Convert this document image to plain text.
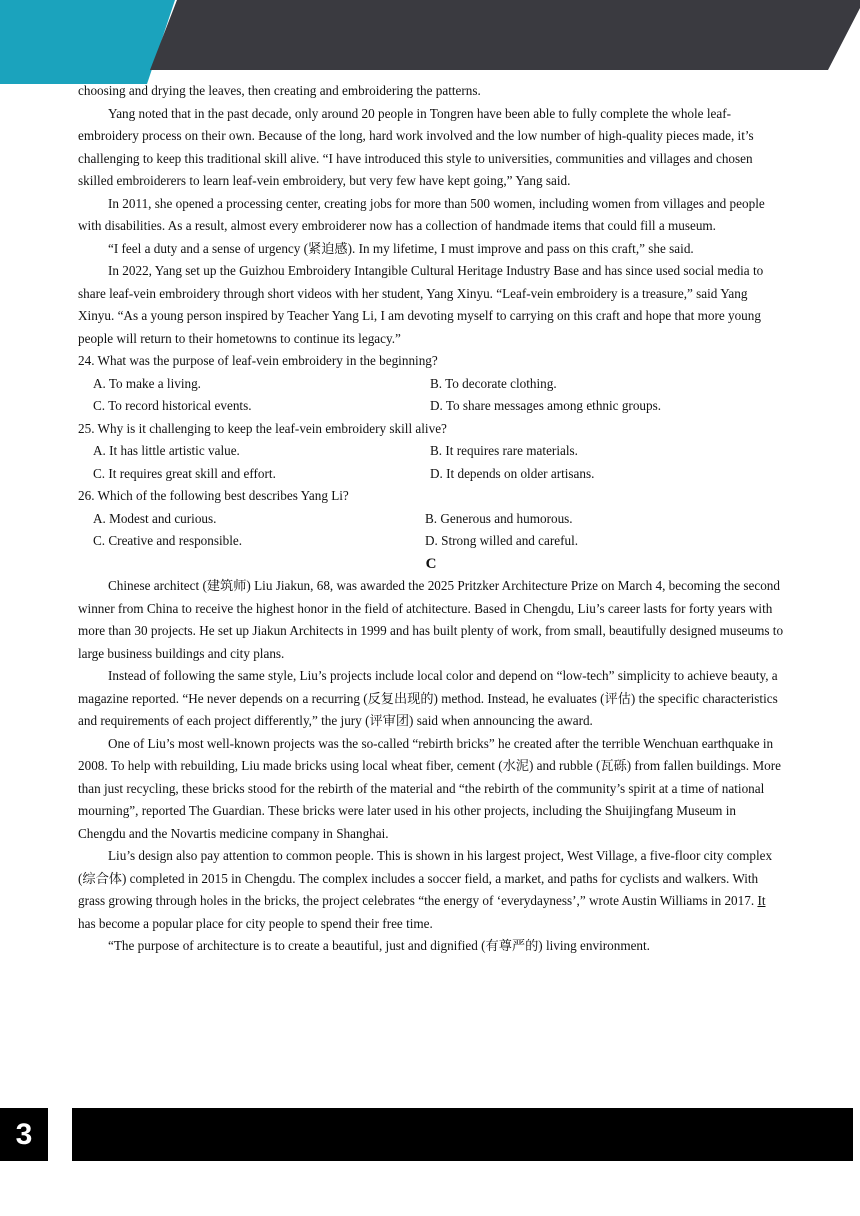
choosing and drying the leaves, then creating and embroidering the patterns.

Yang noted that in the past decade, only around 20 people in Tongren have been able to fully complete the whole leaf-embroidery process on their own. Because of the long, hard work involved and the low number of high-quality pieces made, it’s challenging to keep this traditional skill alive. “I have introduced this style to universities, communities and villages and chosen skilled embroiderers to learn leaf-vein embroidery, but very few have kept going,” Yang said.

In 2011, she opened a processing center, creating jobs for more than 500 women, including women from villages and people with disabilities. As a result, almost every embroiderer now has a collection of handmade items that could fill a museum.

“I feel a duty and a sense of urgency (紧迫感). In my lifetime, I must improve and pass on this craft,” she said.

In 2022, Yang set up the Guizhou Embroidery Intangible Cultural Heritage Industry Base and has since used social media to share leaf-vein embroidery through short videos with her student, Yang Xinyu. “Leaf-vein embroidery is a treasure,” said Yang Xinyu. “As a young person inspired by Teacher Yang Li, I am devoting myself to carrying on this craft and hope that more young people will return to their hometowns to continue its legacy.”

24. What was the purpose of leaf-vein embroidery in the beginning?

A. To make a living.	B. To decorate clothing.
C. To record historical events.	D. To share messages among ethnic groups.

25. Why is it challenging to keep the leaf-vein embroidery skill alive?

A. It has little artistic value.	B. It requires rare materials.
C. It requires great skill and effort.	D. It depends on older artisans.

26. Which of the following best describes Yang Li?

A. Modest and curious.	B. Generous and humorous.
C. Creative and responsible.	D. Strong willed and careful.

C

Chinese architect (建筑师) Liu Jiakun, 68, was awarded the 2025 Pritzker Architecture Prize on March 4, becoming the second winner from China to receive the highest honor in the field of atchitecture. Based in Chengdu, Liu’s career lasts for forty years with more than 30 projects. He set up Jiakun Architects in 1999 and has built plenty of work, from small, beautifully designed museums to large business buildings and city plans.

Instead of following the same style, Liu’s projects include local color and depend on “low-tech” simplicity to achieve beauty, a magazine reported. “He never depends on a recurring (反复出现的) method. Instead, he evaluates (评估) the specific characteristics and requirements of each project differently,” the jury (评审团) said when announcing the award.

One of Liu’s most well-known projects was the so-called “rebirth bricks” he created after the terrible Wenchuan earthquake in 2008. To help with rebuilding, Liu made bricks using local wheat fiber, cement (水泥) and rubble (瓦砾) from fallen buildings. More than just recycling, these bricks stood for the rebirth of the material and “the rebirth of the community’s spirit at a time of national mourning”, reported The Guardian. These bricks were later used in his other projects, including the Shuijingfang Museum in Chengdu and the Novartis medicine company in Shanghai.

Liu’s design also pay attention to common people. This is shown in his largest project, West Village, a five-floor city complex (综合体) completed in 2015 in Chengdu. The complex includes a soccer field, a market, and paths for cyclists and walkers. With grass growing through holes in the bricks, the project celebrates “the energy of ‘everydayness’,” wrote Austin Williams in 2017. It has become a popular place for city people to spend their free time.

“The purpose of architecture is to create a beautiful, just and dignified (有尊严的) living environment.

3
